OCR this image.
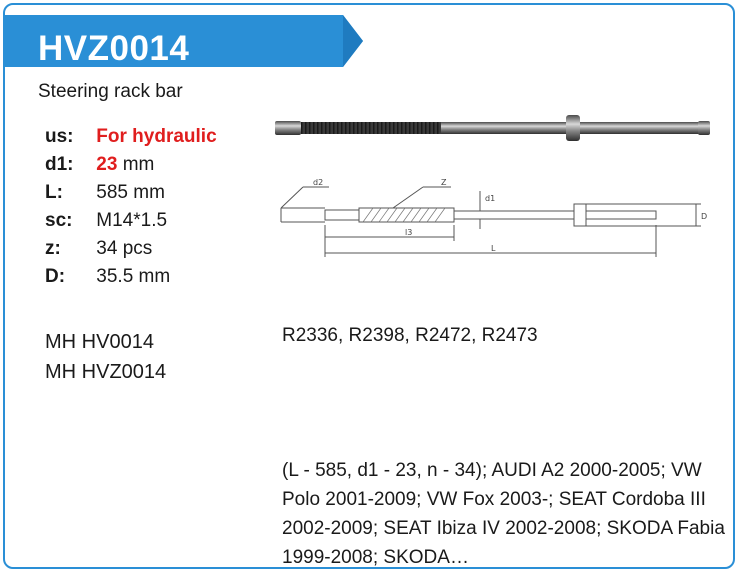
HVZ0014
Steering rack bar
us: For hydraulic
d1: 23 mm
L: 585 mm
sc: M14*1.5
z: 34 pcs
D: 35.5 mm
MH HV0014
MH HVZ0014
R2336, R2398, R2472, R2473
(L - 585, d1 - 23, n - 34); AUDI A2 2000-2005; VW Polo 2001-2009; VW Fox 2003-; SEAT Cordoba III 2002-2009; SEAT Ibiza IV 2002-2008; SKODA Fabia 1999-2008; SKODA…
d2	Z
d1
D
l3
L
